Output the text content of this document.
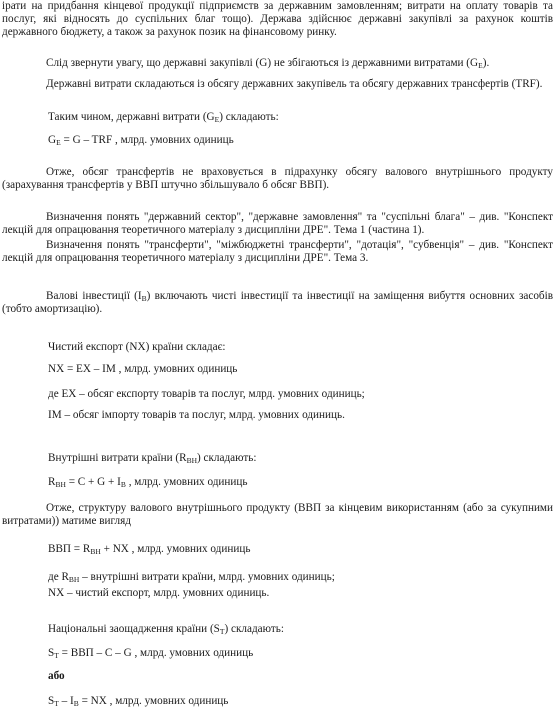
ірати на придбання кінцевої продукції підприємств за державним замовленням; витрати на оплату товарів та послуг, які відносять до суспільних благ тощо). Держава здійснює державні закупівлі за рахунок коштів державного бюджету, а також за рахунок позик на фінансовому ринку.

Слід звернути увагу, що державні закупівлі (G) не збігаються із державними витратами $(G_E)$.

Державні витрати складаються із обсягу державних закупівель та обсягу державних трансфертів (TRF).

Таким чином, державні витрати $(G_E)$ складають:

$G_E = G$ – TRF , млрд. умовних одиниць

Отже, обсяг трансфертів не враховується в підрахунку обсягу валового внутрішнього продукту (зарахування трансфертів у ВВП штучно збільшувало б обсяг ВВП).

Визначення понять "державний сектор", "державне замовлення" та "суспільні блага" – див. "Конспект лекцій для опрацювання теоретичного матеріалу з дисципліни ДРЕ". Тема 1 (частина 1).

Визначення понять "трансферти", "міжбюджетні трансферти", "дотація", "субвенція" – див. "Конспект лекцій для опрацювання теоретичного матеріалу з дисципліни ДРЕ". Тема 3.

Валові інвестиції $(I_B)$ включають чисті інвестиції та інвестиції на заміщення вибуття основних засобів (тобто амортизацію).

Чистий експорт (NX) країни складає:

NX = EX – IM , млрд. умовних одиниць

де EX – обсяг експорту товарів та послуг, млрд. умовних одиниць;

IM – обсяг імпорту товарів та послуг, млрд. умовних одиниць.

Внутрішні витрати країни $(R_{ВН})$ складають:

$R_{ВН} = C + G + I_B$ , млрд. умовних одиниць

Отже, структуру валового внутрішнього продукту (ВВП за кінцевим використанням (або за сукупними витратами)) матиме вигляд

ВВП = $R_{ВН}$ + NX , млрд. умовних одиниць

де $R_{ВН}$ – внутрішні витрати країни, млрд. умовних одиниць;

NX – чистий експорт, млрд. умовних одиниць.

Національні заощадження країни $(S_Т)$ складають:

$S_Т$ = ВВП – C – G , млрд. умовних одиниць

або

$S_Т - I_B$ = NX , млрд. умовних одиниць
